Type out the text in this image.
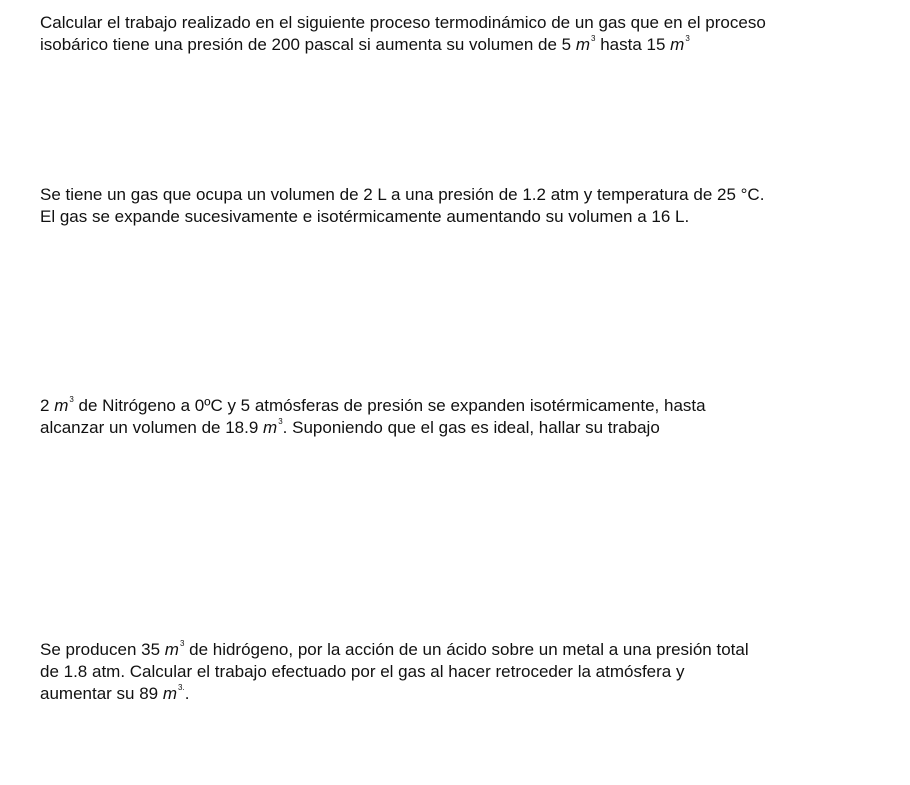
Calcular el trabajo realizado en el siguiente proceso termodinámico de un gas que en el proceso
isobárico tiene una presión de 200 pascal si aumenta su volumen de 5 $m^3$ hasta 15 $m^3$

Se tiene un gas que ocupa un volumen de 2 L a una presión de 1.2 atm y temperatura de 25 °C.
El gas se expande sucesivamente e isotérmicamente aumentando su volumen a 16 L.

2 $m^3$ de Nitrógeno a 0ºC y 5 atmósferas de presión se expanden isotérmicamente, hasta
alcanzar un volumen de 18.9 $m^3$. Suponiendo que el gas es ideal, hallar su trabajo

Se producen 35 $m^3$ de hidrógeno, por la acción de un ácido sobre un metal a una presión total
de 1.8 atm. Calcular el trabajo efectuado por el gas al hacer retroceder la atmósfera y
aumentar su 89 $m^{3.}$.
